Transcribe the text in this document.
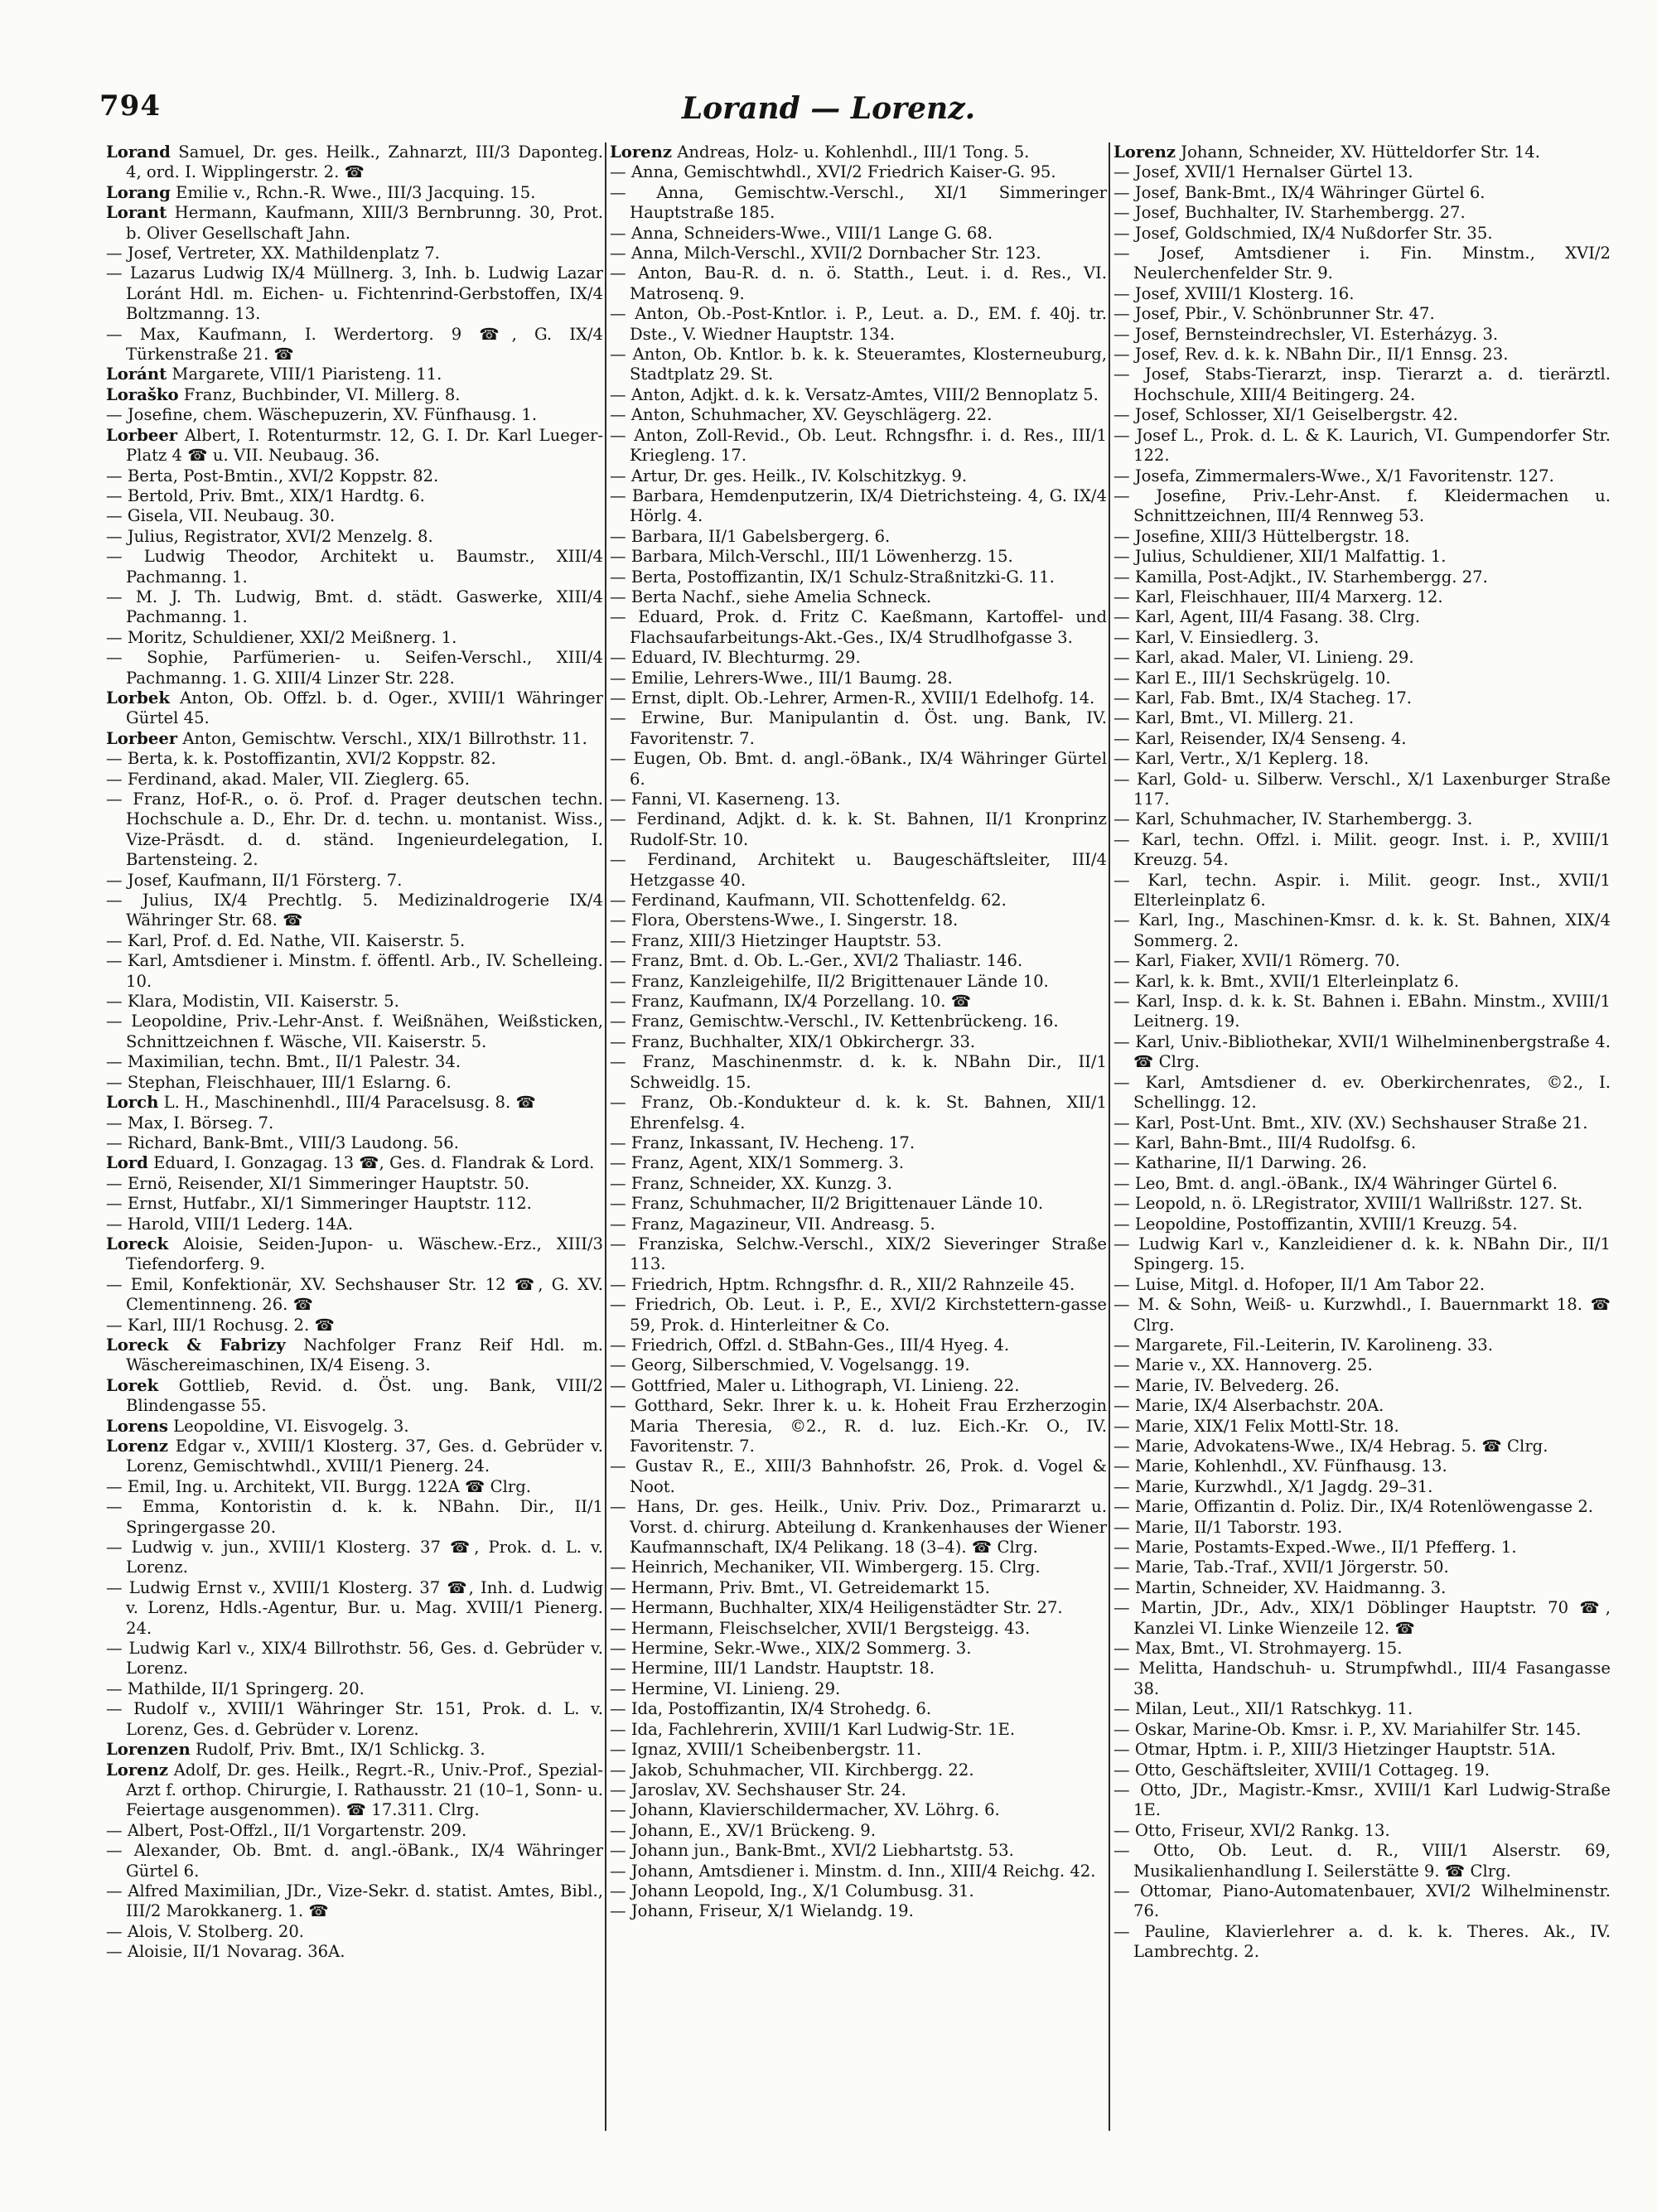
794	Lorand — Lorenz.

Lorand Samuel, Dr. ges. Heilk., Zahnarzt, III/3 Daponteg. 4, ord. I. Wipplingerstr. 2. ☎

Lorang Emilie v., Rchn.-R. Wwe., III/3 Jacquing. 15.

Lorant Hermann, Kaufmann, XIII/3 Bernbrunng. 30, Prot. b. Oliver Gesellschaft Jahn.

— Josef, Vertreter, XX. Mathildenplatz 7.

— Lazarus Ludwig IX/4 Müllnerg. 3, Inh. b. Ludwig Lazar Loránt Hdl. m. Eichen- u. Fichtenrind-Gerbstoffen, IX/4 Boltzmanng. 13.

— Max, Kaufmann, I. Werdertorg. 9 ☎, G. IX/4 Türkenstraße 21. ☎

Loránt Margarete, VIII/1 Piaristeng. 11.

Loraško Franz, Buchbinder, VI. Millerg. 8.

— Josefine, chem. Wäschepuzerin, XV. Fünfhausg. 1.

Lorbeer Albert, I. Rotenturmstr. 12, G. I. Dr. Karl Lueger-Platz 4 ☎ u. VII. Neubaug. 36.

— Berta, Post-Bmtin., XVI/2 Koppstr. 82.

— Bertold, Priv. Bmt., XIX/1 Hardtg. 6.

— Gisela, VII. Neubaug. 30.

— Julius, Registrator, XVI/2 Menzelg. 8.

— Ludwig Theodor, Architekt u. Baumstr., XIII/4 Pachmanng. 1.

— M. J. Th. Ludwig, Bmt. d. städt. Gaswerke, XIII/4 Pachmanng. 1.

— Moritz, Schuldiener, XXI/2 Meißnerg. 1.

— Sophie, Parfümerien- u. Seifen-Verschl., XIII/4 Pachmanng. 1. G. XIII/4 Linzer Str. 228.

Lorbek Anton, Ob. Offzl. b. d. Oger., XVIII/1 Währinger Gürtel 45.

Lorbeer Anton, Gemischtw. Verschl., XIX/1 Billrothstr. 11.

— Berta, k. k. Postoffizantin, XVI/2 Koppstr. 82.

— Ferdinand, akad. Maler, VII. Zieglerg. 65.

— Franz, Hof-R., o. ö. Prof. d. Prager deutschen techn. Hochschule a. D., Ehr. Dr. d. techn. u. montanist. Wiss., Vize-Präsdt. d. d. ständ. Ingenieurdelegation, I. Bartensteing. 2.

— Josef, Kaufmann, II/1 Försterg. 7.

— Julius, IX/4 Prechtlg. 5. Medizinaldrogerie IX/4 Währinger Str. 68. ☎

— Karl, Prof. d. Ed. Nathe, VII. Kaiserstr. 5.

— Karl, Amtsdiener i. Minstm. f. öffentl. Arb., IV. Schelleing. 10.

— Klara, Modistin, VII. Kaiserstr. 5.

— Leopoldine, Priv.-Lehr-Anst. f. Weißnähen, Weißsticken, Schnittzeichnen f. Wäsche, VII. Kaiserstr. 5.

— Maximilian, techn. Bmt., II/1 Palestr. 34.

— Stephan, Fleischhauer, III/1 Eslarng. 6.

Lorch L. H., Maschinenhdl., III/4 Paracelsusg. 8. ☎

— Max, I. Börseg. 7.

— Richard, Bank-Bmt., VIII/3 Laudong. 56.

Lord Eduard, I. Gonzagag. 13 ☎, Ges. d. Flandrak & Lord.

— Ernö, Reisender, XI/1 Simmeringer Hauptstr. 50.

— Ernst, Hutfabr., XI/1 Simmeringer Hauptstr. 112.

— Harold, VIII/1 Lederg. 14A.

Loreck Aloisie, Seiden-Jupon- u. Wäschew.-Erz., XIII/3 Tiefendorferg. 9.

— Emil, Konfektionär, XV. Sechshauser Str. 12 ☎, G. XV. Clementinneng. 26. ☎

— Karl, III/1 Rochusg. 2. ☎

Loreck & Fabrizy Nachfolger Franz Reif Hdl. m. Wäschereimaschinen, IX/4 Eiseng. 3.

Lorek Gottlieb, Revid. d. Öst. ung. Bank, VIII/2 Blindengasse 55.

Lorens Leopoldine, VI. Eisvogelg. 3.

Lorenz Edgar v., XVIII/1 Klosterg. 37, Ges. d. Gebrüder v. Lorenz, Gemischtwhdl., XVIII/1 Pienerg. 24.

— Emil, Ing. u. Architekt, VII. Burgg. 122A ☎ Clrg.

— Emma, Kontoristin d. k. k. NBahn. Dir., II/1 Springergasse 20.

— Ludwig v. jun., XVIII/1 Klosterg. 37 ☎, Prok. d. L. v. Lorenz.

— Ludwig Ernst v., XVIII/1 Klosterg. 37 ☎, Inh. d. Ludwig v. Lorenz, Hdls.-Agentur, Bur. u. Mag. XVIII/1 Pienerg. 24.

— Ludwig Karl v., XIX/4 Billrothstr. 56, Ges. d. Gebrüder v. Lorenz.

— Mathilde, II/1 Springerg. 20.

— Rudolf v., XVIII/1 Währinger Str. 151, Prok. d. L. v. Lorenz, Ges. d. Gebrüder v. Lorenz.

Lorenzen Rudolf, Priv. Bmt., IX/1 Schlickg. 3.

Lorenz Adolf, Dr. ges. Heilk., Regrt.-R., Univ.-Prof., Spezial-Arzt f. orthop. Chirurgie, I. Rathausstr. 21 (10–1, Sonn- u. Feiertage ausgenommen). ☎ 17.311. Clrg.

— Albert, Post-Offzl., II/1 Vorgartenstr. 209.

— Alexander, Ob. Bmt. d. angl.-öBank., IX/4 Währinger Gürtel 6.

— Alfred Maximilian, JDr., Vize-Sekr. d. statist. Amtes, Bibl., III/2 Marokkanerg. 1. ☎

— Alois, V. Stolberg. 20.

— Aloisie, II/1 Novarag. 36A.

Lorenz Andreas, Holz- u. Kohlenhdl., III/1 Tong. 5.

— Anna, Gemischtwhdl., XVI/2 Friedrich Kaiser-G. 95.

— Anna, Gemischtw.-Verschl., XI/1 Simmeringer Hauptstraße 185.

— Anna, Schneiders-Wwe., VIII/1 Lange G. 68.

— Anna, Milch-Verschl., XVII/2 Dornbacher Str. 123.

— Anton, Bau-R. d. n. ö. Statth., Leut. i. d. Res., VI. Matrosenq. 9.

— Anton, Ob.-Post-Kntlor. i. P., Leut. a. D., EM. f. 40j. tr. Dste., V. Wiedner Hauptstr. 134.

— Anton, Ob. Kntlor. b. k. k. Steueramtes, Klosterneuburg, Stadtplatz 29. St.

— Anton, Adjkt. d. k. k. Versatz-Amtes, VIII/2 Bennoplatz 5.

— Anton, Schuhmacher, XV. Geyschlägerg. 22.

— Anton, Zoll-Revid., Ob. Leut. Rchngsfhr. i. d. Res., III/1 Kriegleng. 17.

— Artur, Dr. ges. Heilk., IV. Kolschitzkyg. 9.

— Barbara, Hemdenputzerin, IX/4 Dietrichsteing. 4, G. IX/4 Hörlg. 4.

— Barbara, II/1 Gabelsbergerg. 6.

— Barbara, Milch-Verschl., III/1 Löwenherzg. 15.

— Berta, Postoffizantin, IX/1 Schulz-Straßnitzki-G. 11.

— Berta Nachf., siehe Amelia Schneck.

— Eduard, Prok. d. Fritz C. Kaeßmann, Kartoffel- und Flachsaufarbeitungs-Akt.-Ges., IX/4 Strudlhofgasse 3.

— Eduard, IV. Blechturmg. 29.

— Emilie, Lehrers-Wwe., III/1 Baumg. 28.

— Ernst, diplt. Ob.-Lehrer, Armen-R., XVIII/1 Edelhofg. 14.

— Erwine, Bur. Manipulantin d. Öst. ung. Bank, IV. Favoritenstr. 7.

— Eugen, Ob. Bmt. d. angl.-öBank., IX/4 Währinger Gürtel 6.

— Fanni, VI. Kaserneng. 13.

— Ferdinand, Adjkt. d. k. k. St. Bahnen, II/1 Kronprinz Rudolf-Str. 10.

— Ferdinand, Architekt u. Baugeschäftsleiter, III/4 Hetzgasse 40.

— Ferdinand, Kaufmann, VII. Schottenfeldg. 62.

— Flora, Oberstens-Wwe., I. Singerstr. 18.

— Franz, XIII/3 Hietzinger Hauptstr. 53.

— Franz, Bmt. d. Ob. L.-Ger., XVI/2 Thaliastr. 146.

— Franz, Kanzleigehilfe, II/2 Brigittenauer Lände 10.

— Franz, Kaufmann, IX/4 Porzellang. 10. ☎

— Franz, Gemischtw.-Verschl., IV. Kettenbrückeng. 16.

— Franz, Buchhalter, XIX/1 Obkirchergr. 33.

— Franz, Maschinenmstr. d. k. k. NBahn Dir., II/1 Schweidlg. 15.

— Franz, Ob.-Kondukteur d. k. k. St. Bahnen, XII/1 Ehrenfelsg. 4.

— Franz, Inkassant, IV. Hecheng. 17.

— Franz, Agent, XIX/1 Sommerg. 3.

— Franz, Schneider, XX. Kunzg. 3.

— Franz, Schuhmacher, II/2 Brigittenauer Lände 10.

— Franz, Magazineur, VII. Andreasg. 5.

— Franziska, Selchw.-Verschl., XIX/2 Sieveringer Straße 113.

— Friedrich, Hptm. Rchngsfhr. d. R., XII/2 Rahnzeile 45.

— Friedrich, Ob. Leut. i. P., E., XVI/2 Kirchstettern-gasse 59, Prok. d. Hinterleitner & Co.

— Friedrich, Offzl. d. StBahn-Ges., III/4 Hyeg. 4.

— Georg, Silberschmied, V. Vogelsangg. 19.

— Gottfried, Maler u. Lithograph, VI. Linieng. 22.

— Gotthard, Sekr. Ihrer k. u. k. Hoheit Frau Erzherzogin Maria Theresia, ©2., R. d. luz. Eich.-Kr. O., IV. Favoritenstr. 7.

— Gustav R., E., XIII/3 Bahnhofstr. 26, Prok. d. Vogel & Noot.

— Hans, Dr. ges. Heilk., Univ. Priv. Doz., Primararzt u. Vorst. d. chirurg. Abteilung d. Krankenhauses der Wiener Kaufmannschaft, IX/4 Pelikang. 18 (3–4). ☎ Clrg.

— Heinrich, Mechaniker, VII. Wimbergerg. 15. Clrg.

— Hermann, Priv. Bmt., VI. Getreidemarkt 15.

— Hermann, Buchhalter, XIX/4 Heiligenstädter Str. 27.

— Hermann, Fleischselcher, XVII/1 Bergsteigg. 43.

— Hermine, Sekr.-Wwe., XIX/2 Sommerg. 3.

— Hermine, III/1 Landstr. Hauptstr. 18.

— Hermine, VI. Linieng. 29.

— Ida, Postoffizantin, IX/4 Strohedg. 6.

— Ida, Fachlehrerin, XVIII/1 Karl Ludwig-Str. 1E.

— Ignaz, XVIII/1 Scheibenbergstr. 11.

— Jakob, Schuhmacher, VII. Kirchbergg. 22.

— Jaroslav, XV. Sechshauser Str. 24.

— Johann, Klavierschildermacher, XV. Löhrg. 6.

— Johann, E., XV/1 Brückeng. 9.

— Johann jun., Bank-Bmt., XVI/2 Liebhartstg. 53.

— Johann, Amtsdiener i. Minstm. d. Inn., XIII/4 Reichg. 42.

— Johann Leopold, Ing., X/1 Columbusg. 31.

— Johann, Friseur, X/1 Wielandg. 19.

Lorenz Johann, Schneider, XV. Hütteldorfer Str. 14.

— Josef, XVII/1 Hernalser Gürtel 13.

— Josef, Bank-Bmt., IX/4 Währinger Gürtel 6.

— Josef, Buchhalter, IV. Starhembergg. 27.

— Josef, Goldschmied, IX/4 Nußdorfer Str. 35.

— Josef, Amtsdiener i. Fin. Minstm., XVI/2 Neulerchenfelder Str. 9.

— Josef, XVIII/1 Klosterg. 16.

— Josef, Pbir., V. Schönbrunner Str. 47.

— Josef, Bernsteindrechsler, VI. Esterházyg. 3.

— Josef, Rev. d. k. k. NBahn Dir., II/1 Ennsg. 23.

— Josef, Stabs-Tierarzt, insp. Tierarzt a. d. tierärztl. Hochschule, XIII/4 Beitingerg. 24.

— Josef, Schlosser, XI/1 Geiselbergstr. 42.

— Josef L., Prok. d. L. & K. Laurich, VI. Gumpendorfer Str. 122.

— Josefa, Zimmermalers-Wwe., X/1 Favoritenstr. 127.

— Josefine, Priv.-Lehr-Anst. f. Kleidermachen u. Schnittzeichnen, III/4 Rennweg 53.

— Josefine, XIII/3 Hüttelbergstr. 18.

— Julius, Schuldiener, XII/1 Malfattig. 1.

— Kamilla, Post-Adjkt., IV. Starhembergg. 27.

— Karl, Fleischhauer, III/4 Marxerg. 12.

— Karl, Agent, III/4 Fasang. 38. Clrg.

— Karl, V. Einsiedlerg. 3.

— Karl, akad. Maler, VI. Linieng. 29.

— Karl E., III/1 Sechskrügelg. 10.

— Karl, Fab. Bmt., IX/4 Stacheg. 17.

— Karl, Bmt., VI. Millerg. 21.

— Karl, Reisender, IX/4 Senseng. 4.

— Karl, Vertr., X/1 Keplerg. 18.

— Karl, Gold- u. Silberw. Verschl., X/1 Laxenburger Straße 117.

— Karl, Schuhmacher, IV. Starhembergg. 3.

— Karl, techn. Offzl. i. Milit. geogr. Inst. i. P., XVIII/1 Kreuzg. 54.

— Karl, techn. Aspir. i. Milit. geogr. Inst., XVII/1 Elterleinplatz 6.

— Karl, Ing., Maschinen-Kmsr. d. k. k. St. Bahnen, XIX/4 Sommerg. 2.

— Karl, Fiaker, XVII/1 Römerg. 70.

— Karl, k. k. Bmt., XVII/1 Elterleinplatz 6.

— Karl, Insp. d. k. k. St. Bahnen i. EBahn. Minstm., XVIII/1 Leitnerg. 19.

— Karl, Univ.-Bibliothekar, XVII/1 Wilhelminenbergstraße 4. ☎ Clrg.

— Karl, Amtsdiener d. ev. Oberkirchenrates, ©2., I. Schellingg. 12.

— Karl, Post-Unt. Bmt., XIV. (XV.) Sechshauser Straße 21.

— Karl, Bahn-Bmt., III/4 Rudolfsg. 6.

— Katharine, II/1 Darwing. 26.

— Leo, Bmt. d. angl.-öBank., IX/4 Währinger Gürtel 6.

— Leopold, n. ö. LRegistrator, XVIII/1 Wallrißstr. 127. St.

— Leopoldine, Postoffizantin, XVIII/1 Kreuzg. 54.

— Ludwig Karl v., Kanzleidiener d. k. k. NBahn Dir., II/1 Spingerg. 15.

— Luise, Mitgl. d. Hofoper, II/1 Am Tabor 22.

— M. & Sohn, Weiß- u. Kurzwhdl., I. Bauernmarkt 18. ☎ Clrg.

— Margarete, Fil.-Leiterin, IV. Karolineng. 33.

— Marie v., XX. Hannoverg. 25.

— Marie, IV. Belvederg. 26.

— Marie, IX/4 Alserbachstr. 20A.

— Marie, XIX/1 Felix Mottl-Str. 18.

— Marie, Advokatens-Wwe., IX/4 Hebrag. 5. ☎ Clrg.

— Marie, Kohlenhdl., XV. Fünfhausg. 13.

— Marie, Kurzwhdl., X/1 Jagdg. 29–31.

— Marie, Offizantin d. Poliz. Dir., IX/4 Rotenlöwengasse 2.

— Marie, II/1 Taborstr. 193.

— Marie, Postamts-Exped.-Wwe., II/1 Pfefferg. 1.

— Marie, Tab.-Traf., XVII/1 Jörgerstr. 50.

— Martin, Schneider, XV. Haidmanng. 3.

— Martin, JDr., Adv., XIX/1 Döblinger Hauptstr. 70 ☎, Kanzlei VI. Linke Wienzeile 12. ☎

— Max, Bmt., VI. Strohmayerg. 15.

— Melitta, Handschuh- u. Strumpfwhdl., III/4 Fasangasse 38.

— Milan, Leut., XII/1 Ratschkyg. 11.

— Oskar, Marine-Ob. Kmsr. i. P., XV. Mariahilfer Str. 145.

— Otmar, Hptm. i. P., XIII/3 Hietzinger Hauptstr. 51A.

— Otto, Geschäftsleiter, XVIII/1 Cottageg. 19.

— Otto, JDr., Magistr.-Kmsr., XVIII/1 Karl Ludwig-Straße 1E.

— Otto, Friseur, XVI/2 Rankg. 13.

— Otto, Ob. Leut. d. R., VIII/1 Alserstr. 69, Musikalienhandlung I. Seilerstätte 9. ☎ Clrg.

— Ottomar, Piano-Automatenbauer, XVI/2 Wilhelminenstr. 76.

— Pauline, Klavierlehrer a. d. k. k. Theres. Ak., IV. Lambrechtg. 2.
